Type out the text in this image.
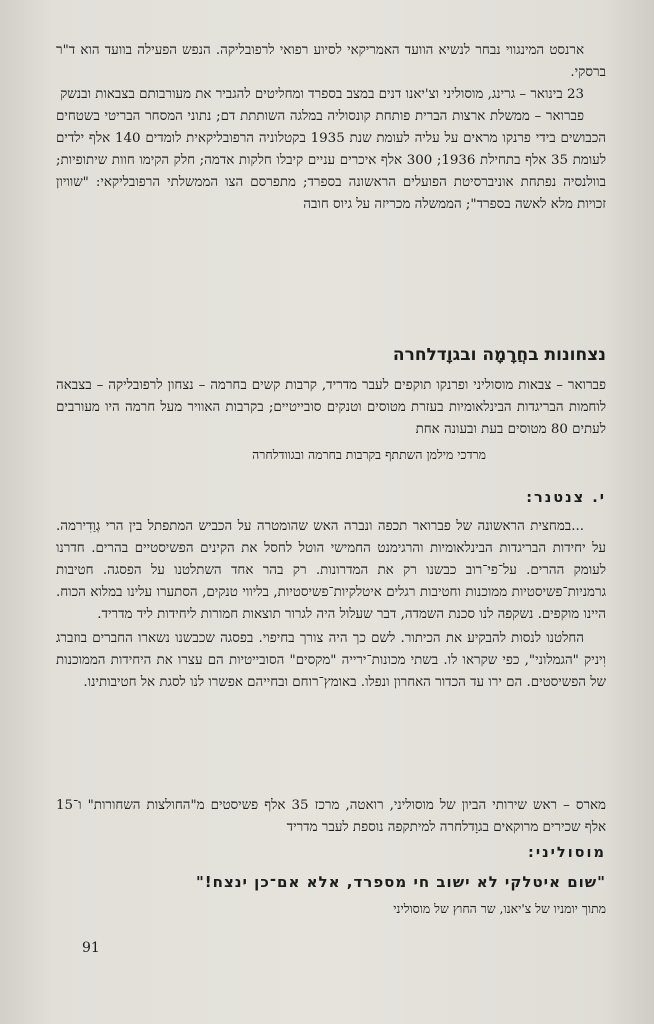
ארנסט המינגווי נבחר לנשיא הוועד האמריקאי לסיוע רפואי לרפובליקה. הנפש הפעילה בוועד הוא ד"ר ברסקי.

23 בינואר – גרינג, מוסוליני וצ'יאנו דנים במצב בספרד ומחליטים להגביר את מעורבותם בצבאות ובנשק

פברואר – ממשלת ארצות הברית פותחת קונסוליה במלגה השותתת דם; נתוני המסחר הבריטי בשטחים הכבושים בידי פרנקו מראים על עליה לעומת שנת 1935 בקטלוניה הרפובליקאית לומדים 140 אלף ילדים לעומת 35 אלף בתחילת 1936; 300 אלף איכרים עניים קיבלו חלקות אדמה; חלק הקימו חוות שיתופיות; בוולנסיה נפתחת אוניברסיטת הפועלים הראשונה בספרד; מתפרסם הצו הממשלתי הרפובליקאי: "שוויון זכויות מלא לאשה בספרד"; הממשלה מכריזה על גיוס חובה

נצחונות בחֲרָמָה ובגוָדלחרה

פברואר – צבאות מוסוליני ופרנקו תוקפים לעבר מדריד, קרבות קשים בחרמה – נצחון לרפובליקה – בצבאה לוחמות הבריגדות הבינלאומיות בעזרת מטוסים וטנקים סובייטיים; בקרבות האוויר מעל חרמה היו מעורבים לעתים 80 מטוסים בעת ובעונה אחת

מרדכי מילמן השתתף בקרבות בחרמה ובגוודלחרה

י. צנטנר:

...במחצית הראשונה של פברואר תכפה ונברה האש שהומטרה על הכביש המתפתל בין הרי גְוַדִירמה. על יחידות הבריגדות הבינלאומיות והרגימנט החמישי הוטל לחסל את הקינים הפשיסטיים בהרים. חדרנו לעומק ההרים. על־פי־רוב כבשנו רק את המדרונות. רק בהר אחד השתלטנו על הפסגה. חטיבות גרמניות־פשיסטיות ממוכנות וחטיבות רגלים איטלקיות־פשיסטיות, בליווי טנקים, הסתערו עלינו במלוא הכוח. היינו מוקפים. נשקפה לנו סכנת השמדה, דבר שעלול היה לגרור תוצאות חמורות ליחידות ליד מדריד.

החלטנו לנסות להבקיע את הכיתור. לשם כך היה צורך בחיפוי. בפסגה שכבשנו נשארו החברים בוזברג וִיניק "הגמלוני", כפי שקראו לו. בשתי מכונות־ירייה "מקסים" הסובייטיות הם עצרו את היחידות הממוכנות של הפשיסטים. הם ירו עד הכדור האחרון ונפלו. באומץ־רוחם ובחייהם אפשרו לנו לסגת אל חטיבותינו.

מארס – ראש שירותי הביון של מוסוליני, רואטה, מרכז 35 אלף פשיסטים מ"החולצות השחורות" ו־15 אלף שכירים מרוקאים בגוָדלחרה למיתקפה נוספת לעבר מדריד

מוסוליני:

"שום איטלקי לא ישוב חי מספרד, אלא אם־כן ינצח!"

מתוך יומניו של צ'יאנו, שר החוץ של מוסוליני

91
